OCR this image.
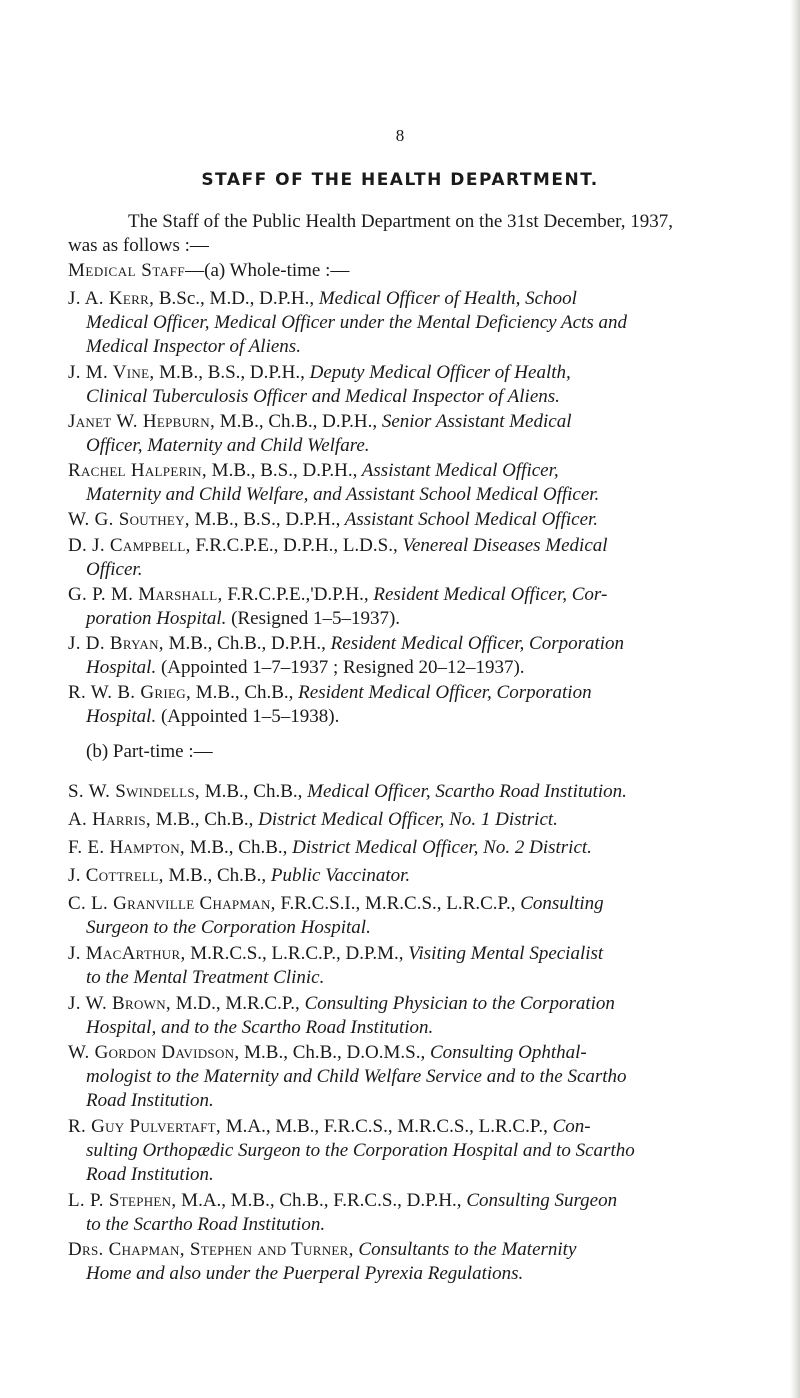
8
STAFF OF THE HEALTH DEPARTMENT.
The Staff of the Public Health Department on the 31st December, 1937,
was as follows :—
Medical Staff—(a) Whole-time :—
J. A. Kerr, B.Sc., M.D., D.P.H., Medical Officer of Health, School
Medical Officer, Medical Officer under the Mental Deficiency Acts and
Medical Inspector of Aliens.
J. M. Vine, M.B., B.S., D.P.H., Deputy Medical Officer of Health,
Clinical Tuberculosis Officer and Medical Inspector of Aliens.
Janet W. Hepburn, M.B., Ch.B., D.P.H., Senior Assistant Medical
Officer, Maternity and Child Welfare.
Rachel Halperin, M.B., B.S., D.P.H., Assistant Medical Officer,
Maternity and Child Welfare, and Assistant School Medical Officer.
W. G. Southey, M.B., B.S., D.P.H., Assistant School Medical Officer.
D. J. Campbell, F.R.C.P.E., D.P.H., L.D.S., Venereal Diseases Medical
Officer.
G. P. M. Marshall, F.R.C.P.E.,'D.P.H., Resident Medical Officer, Cor-
poration Hospital. (Resigned 1–5–1937).
J. D. Bryan, M.B., Ch.B., D.P.H., Resident Medical Officer, Corporation
Hospital. (Appointed 1–7–1937 ; Resigned 20–12–1937).
R. W. B. Grieg, M.B., Ch.B., Resident Medical Officer, Corporation
Hospital. (Appointed 1–5–1938).
(b) Part-time :—
S. W. Swindells, M.B., Ch.B., Medical Officer, Scartho Road Institution.
A. Harris, M.B., Ch.B., District Medical Officer, No. 1 District.
F. E. Hampton, M.B., Ch.B., District Medical Officer, No. 2 District.
J. Cottrell, M.B., Ch.B., Public Vaccinator.
C. L. Granville Chapman, F.R.C.S.I., M.R.C.S., L.R.C.P., Consulting
Surgeon to the Corporation Hospital.
J. MacArthur, M.R.C.S., L.R.C.P., D.P.M., Visiting Mental Specialist
to the Mental Treatment Clinic.
J. W. Brown, M.D., M.R.C.P., Consulting Physician to the Corporation
Hospital, and to the Scartho Road Institution.
W. Gordon Davidson, M.B., Ch.B., D.O.M.S., Consulting Ophthal-
mologist to the Maternity and Child Welfare Service and to the Scartho
Road Institution.
R. Guy Pulvertaft, M.A., M.B., F.R.C.S., M.R.C.S., L.R.C.P., Con-
sulting Orthopædic Surgeon to the Corporation Hospital and to Scartho
Road Institution.
L. P. Stephen, M.A., M.B., Ch.B., F.R.C.S., D.P.H., Consulting Surgeon
to the Scartho Road Institution.
Drs. Chapman, Stephen and Turner, Consultants to the Maternity
Home and also under the Puerperal Pyrexia Regulations.
